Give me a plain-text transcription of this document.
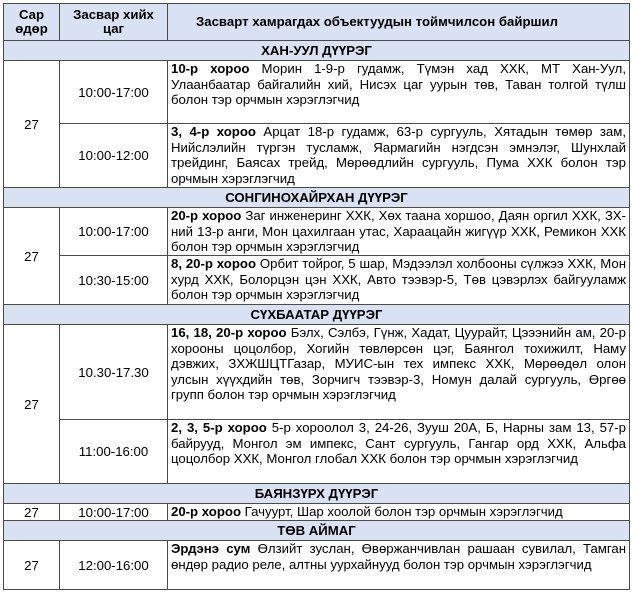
Сар өдөр	Засвар хийх цаг	Засварт хамрагдах объектуудын тоймчилсон байршил
ХАН-УУЛ ДҮҮРЭГ		
27	10:00-17:00	10-р хороо Морин 1-9-р гудамж, Түмэн хад ХХК, МТ Хан-Уул, Улаанбаатар байгалийн хий, Нисэх цаг уурын төв, Таван толгой түлш болон тэр орчмын хэрэглэгчид
	10:00-12:00	3, 4-р хороо Арцат 18-р гудамж, 63-р сургууль, Хятадын төмөр зам, Нийслэлийн түргэн тусламж, Яармагийн нэгдсэн эмнэлэг, Шунхлай трейдинг, Баясах трейд, Мөрөөдлийн сургууль, Пума ХХК болон тэр орчмын хэрэглэгчид
СОНГИНОХАЙРХАН ДҮҮРЭГ		
27	10:00-17:00	20-р хороо Заг инженеринг ХХК, Хөх таана хоршоо, Даян оргил ХХК, ЗХ-ний 13-р анги, Мон цахилгаан утас, Хараацайн жигүүр ХХК, Ремикон ХХК болон тэр орчмын хэрэглэгчид
	10:30-15:00	8, 20-р хороо Орбит тойрог, 5 шар, Мэдээлэл холбооны сүлжээ ХХК, Мон хурд ХХК, Болорцэн цэн ХХК, Авто тээвэр-5, Төв цэвэрлэх байгууламж болон тэр орчмын хэрэглэгчид
СҮХБААТАР ДҮҮРЭГ		
27	10.30-17.30	16, 18, 20-р хороо Бэлх, Сэлбэ, Гүнж, Хадат, Цуурайт, Цэээнийн ам, 20-р хорооны цоцолбор, Хогийн төвлөрсөн цэг, Баянгол тохижилт, Наму дэвжих, ЗХЖШЦТГазар, МУИС-ын тех импекс ХХК, Мөрөөдөл олон улсын хүүхдийн төв, Зорчигч тээвэр-3, Номун далай сургууль, Өргөө групп болон тэр орчмын хэрэглэгчид
	11:00-16:00	2, 3, 5-р хороо 5-р хороолол 3, 24-26, Зууш 20А, Б, Нарны зам 13, 57-р байрууд, Монгол эм импекс, Сант сургууль, Гангар орд ХХК, Альфа цоцолбор ХХК, Монгол глобал ХХК болон тэр орчмын хэрэглэгчид
БАЯНЗҮРХ ДҮҮРЭГ		
27	10:00-17:00	20-р хороо Гачуурт, Шар хоолой болон тэр орчмын хэрэглэгчид
ТӨВ АЙМАГ		
27	12:00-16:00	Эрдэнэ сум Өлзийт зуслан, Өвөржанчивлан рашаан сувилал, Тамган өндөр радио реле, алтны уурхайнууд болон тэр орчмын хэрэглэгчид
